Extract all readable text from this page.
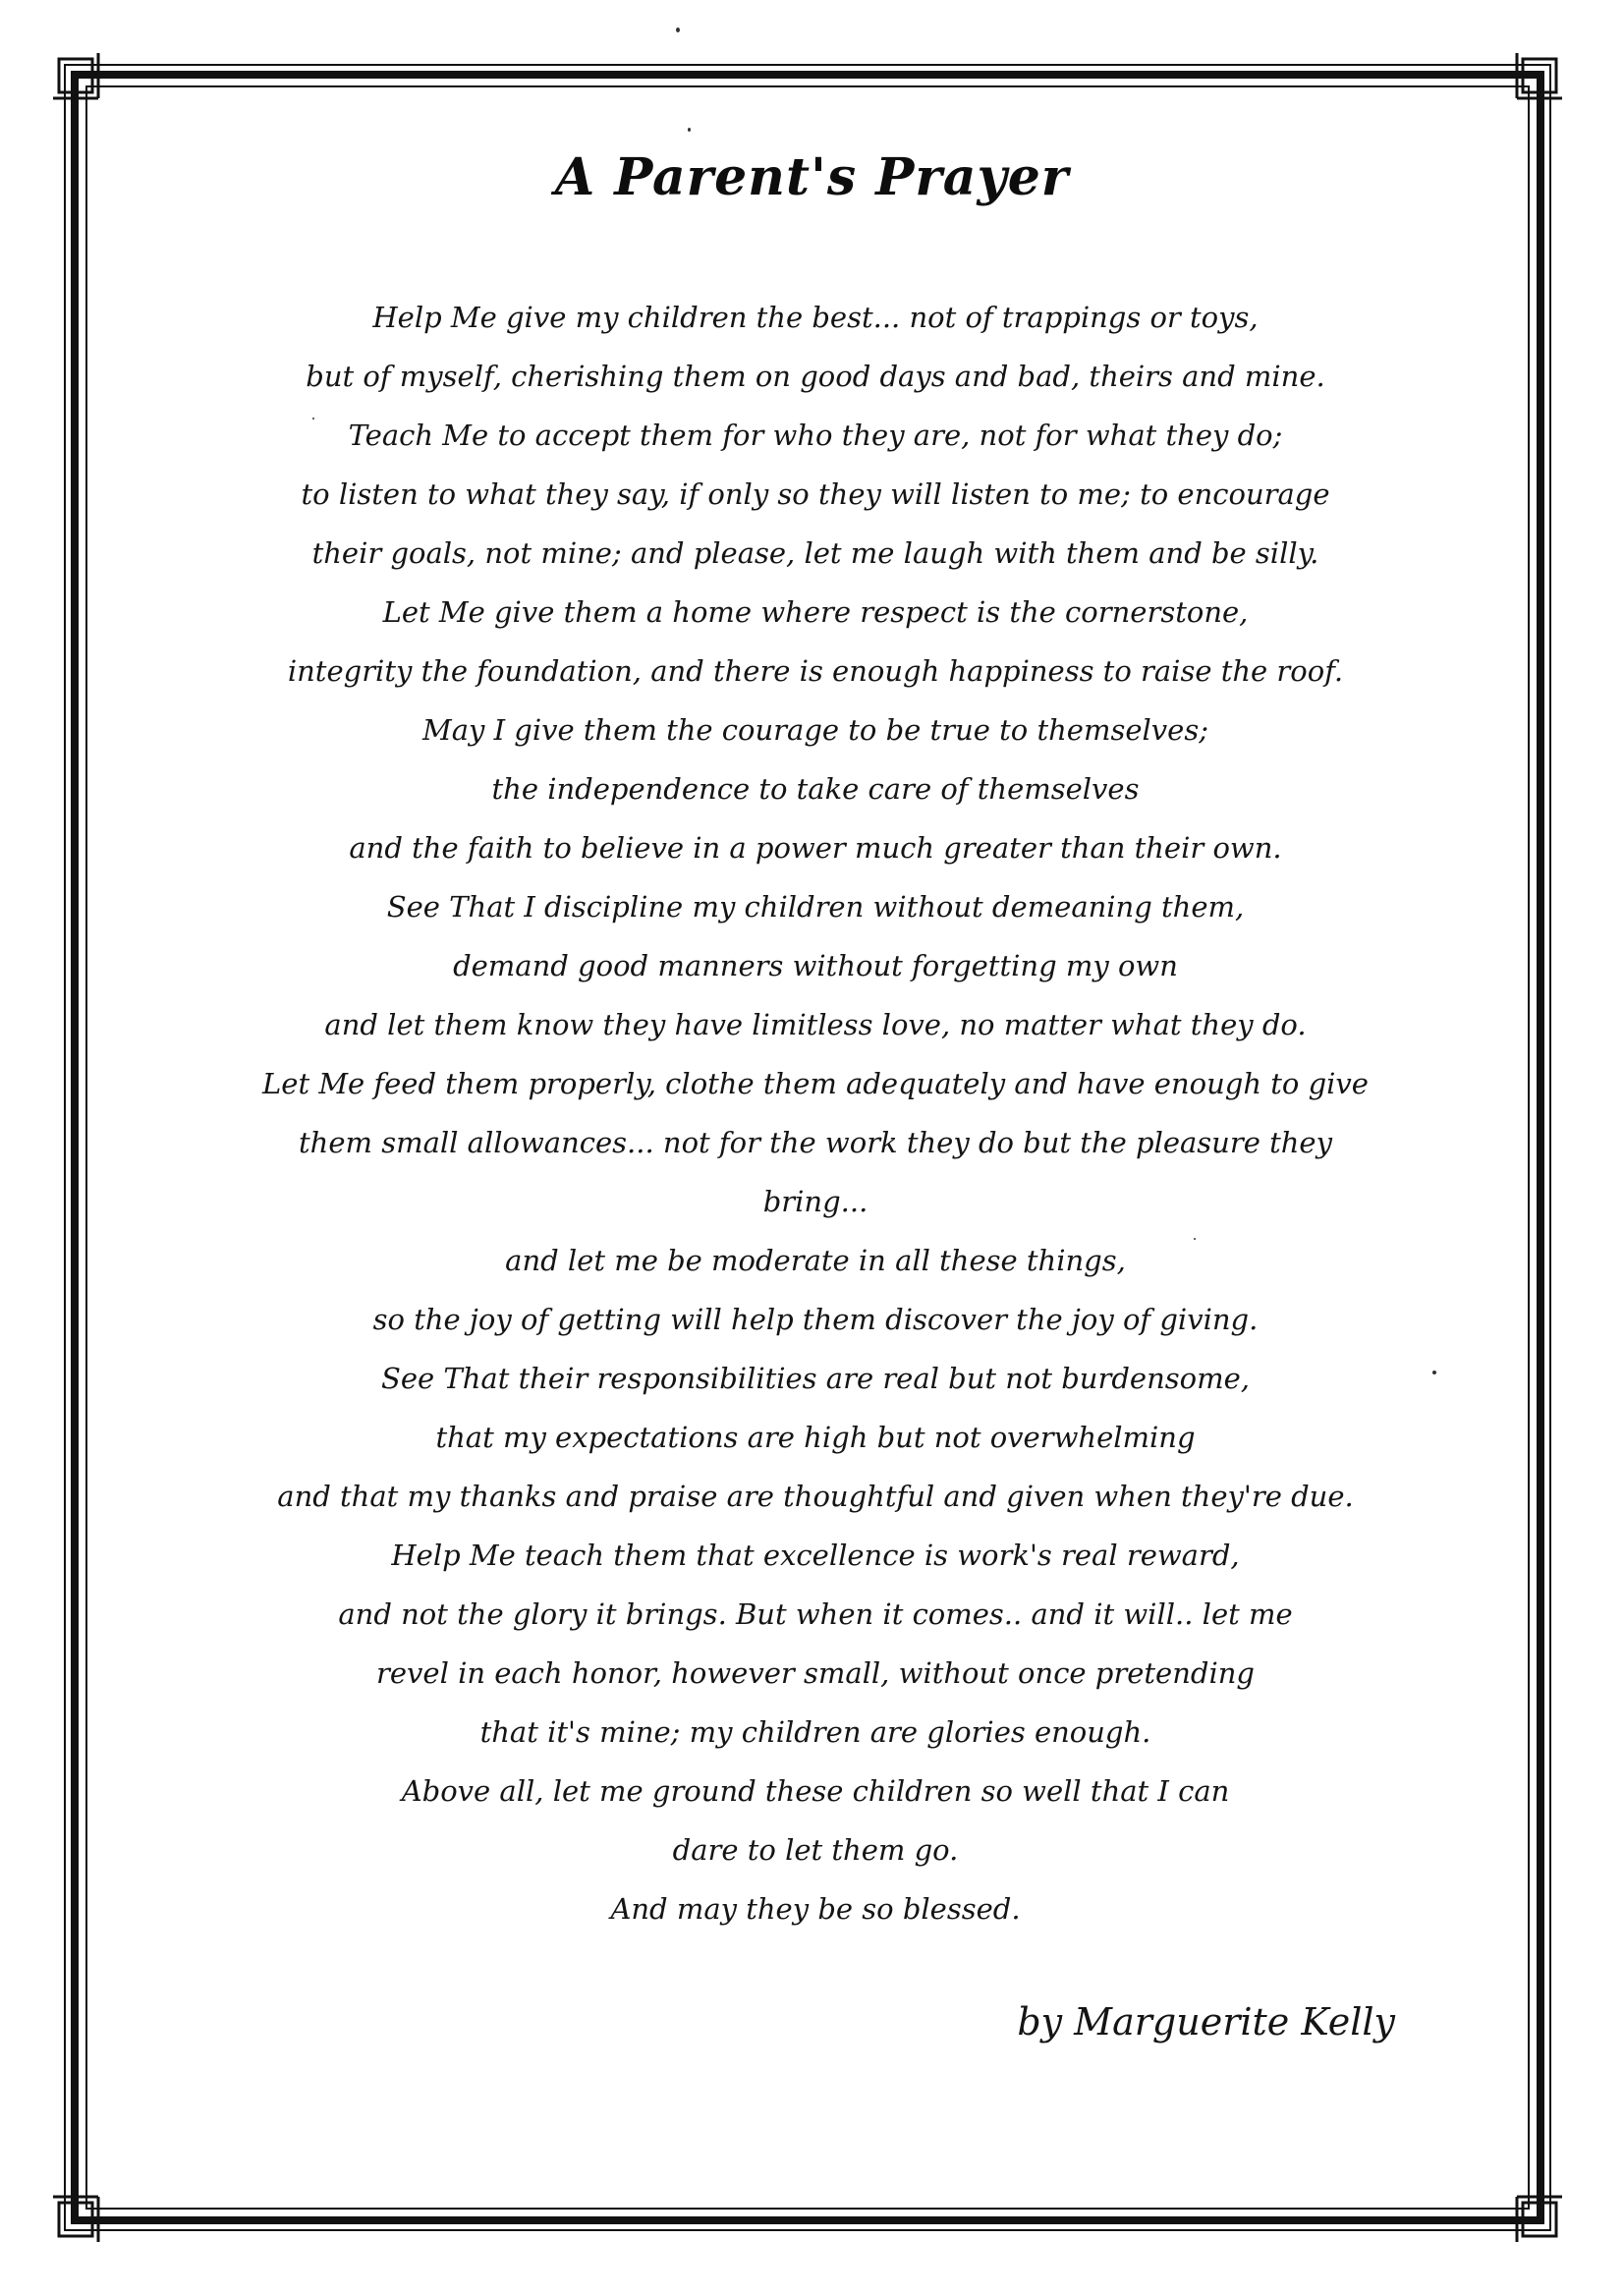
A Parent's Prayer
Help Me give my children the best... not of trappings or toys,
but of myself, cherishing them on good days and bad, theirs and mine.
Teach Me to accept them for who they are, not for what they do;
to listen to what they say, if only so they will listen to me; to encourage
their goals, not mine; and please, let me laugh with them and be silly.
Let Me give them a home where respect is the cornerstone,
integrity the foundation, and there is enough happiness to raise the roof.
May I give them the courage to be true to themselves;
the independence to take care of themselves
and the faith to believe in a power much greater than their own.
See That I discipline my children without demeaning them,
demand good manners without forgetting my own
and let them know they have limitless love, no matter what they do.
Let Me feed them properly, clothe them adequately and have enough to give
them small allowances... not for the work they do but the pleasure they
bring...
and let me be moderate in all these things,
so the joy of getting will help them discover the joy of giving.
See That their responsibilities are real but not burdensome,
that my expectations are high but not overwhelming
and that my thanks and praise are thoughtful and given when they're due.
Help Me teach them that excellence is work's real reward,
and not the glory it brings. But when it comes.. and it will.. let me
revel in each honor, however small, without once pretending
that it's mine; my children are glories enough.
Above all, let me ground these children so well that I can
dare to let them go.
And may they be so blessed.
by Marguerite Kelly
